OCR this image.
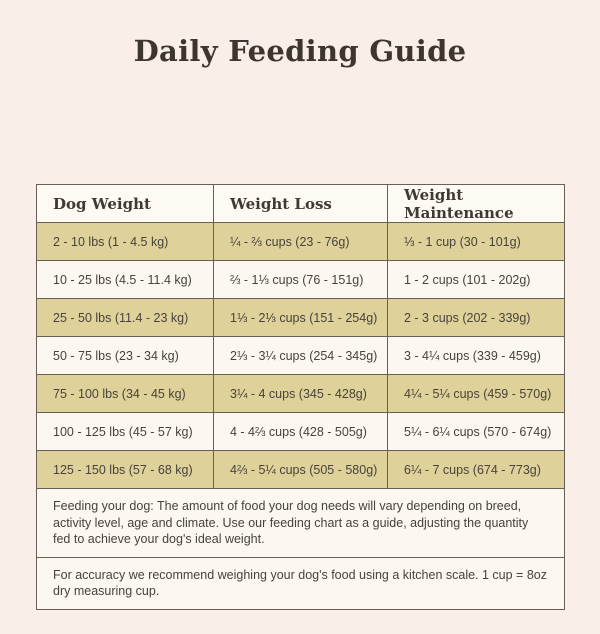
Daily Feeding Guide
Dog Weight	Weight Loss	Weight Maintenance
2 - 10 lbs (1 - 4.5 kg)	¼ - ⅔ cups (23 - 76g)	⅓ - 1 cup (30 - 101g)
10 - 25 lbs (4.5 - 11.4 kg)	⅔ - 1⅓ cups (76 - 151g)	1 - 2 cups (101 - 202g)
25 - 50 lbs (11.4 - 23 kg)	1⅓ - 2⅓ cups (151 - 254g)	2 - 3 cups (202 - 339g)
50 - 75 lbs (23 - 34 kg)	2⅓ - 3¼ cups (254 - 345g)	3 - 4¼ cups (339 - 459g)
75 - 100 lbs (34 - 45 kg)	3¼ - 4 cups (345 - 428g)	4¼ - 5¼ cups (459 - 570g)
100 - 125 lbs (45 - 57 kg)	4 - 4⅔ cups (428 - 505g)	5¼ - 6¼ cups (570 - 674g)
125 - 150 lbs (57 - 68 kg)	4⅔ - 5¼ cups (505 - 580g)	6¼ - 7 cups (674 - 773g)
Feeding your dog: The amount of food your dog needs will vary depending on breed, activity level, age and climate. Use our feeding chart as a guide, adjusting the quantity fed to achieve your dog's ideal weight.		
For accuracy we recommend weighing your dog's food using a kitchen scale. 1 cup = 8oz dry measuring cup.		
